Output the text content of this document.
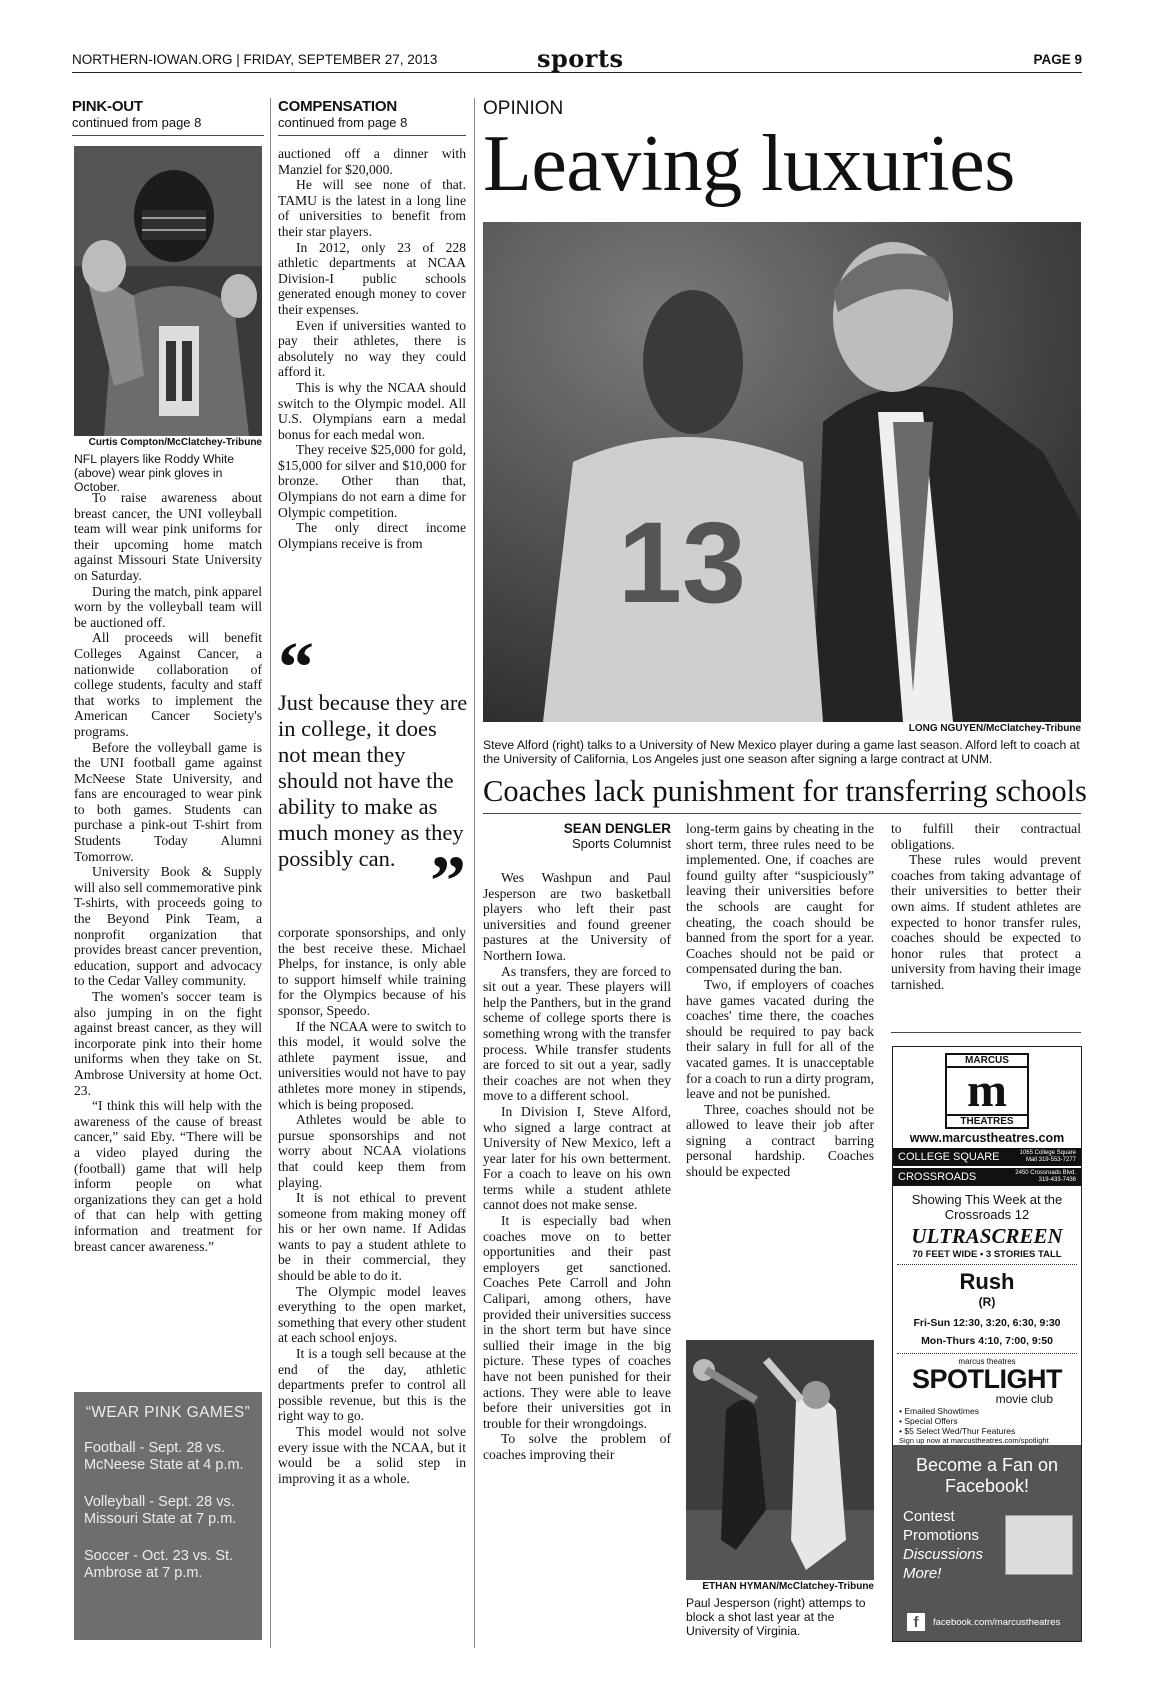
NORTHERN-IOWAN.ORG | FRIDAY, SEPTEMBER 27, 2013	sports	PAGE 9
PINK-OUT
continued from page 8
Curtis Compton/McClatchey-Tribune
NFL players like Roddy White (above) wear pink gloves in October.

To raise awareness about breast cancer, the UNI volleyball team will wear pink uniforms for their upcoming home match against Missouri State University on Saturday.

During the match, pink apparel worn by the volleyball team will be auctioned off.

All proceeds will benefit Colleges Against Cancer, a nationwide collaboration of college students, faculty and staff that works to implement the American Cancer Society's programs.

Before the volleyball game is the UNI football game against McNeese State University, and fans are encouraged to wear pink to both games. Students can purchase a pink-out T-shirt from Students Today Alumni Tomorrow.

University Book & Supply will also sell commemorative pink T-shirts, with proceeds going to the Beyond Pink Team, a nonprofit organization that provides breast cancer prevention, education, support and advocacy to the Cedar Valley community.

The women's soccer team is also jumping in on the fight against breast cancer, as they will incorporate pink into their home uniforms when they take on St. Ambrose University at home Oct. 23.

“I think this will help with the awareness of the cause of breast cancer,” said Eby. “There will be a video played during the (football) game that will help inform people on what organizations they can get a hold of that can help with getting information and treatment for breast cancer awareness.”

“WEAR PINK GAMES”
Football - Sept. 28 vs. McNeese State at 4 p.m.
Volleyball - Sept. 28 vs. Missouri State at 7 p.m.
Soccer - Oct. 23 vs. St. Ambrose at 7 p.m.
COMPENSATION
continued from page 8

auctioned off a dinner with Manziel for $20,000.

He will see none of that. TAMU is the latest in a long line of universities to benefit from their star players.

In 2012, only 23 of 228 athletic departments at NCAA Division-I public schools generated enough money to cover their expenses.

Even if universities wanted to pay their athletes, there is absolutely no way they could afford it.

This is why the NCAA should switch to the Olympic model. All U.S. Olympians earn a medal bonus for each medal won.

They receive $25,000 for gold, $15,000 for silver and $10,000 for bronze. Other than that, Olympians do not earn a dime for Olympic competition.

The only direct income Olympians receive is from

“
Just because they are in college, it does not mean they should not have the ability to make as much money as they possibly can. ”

corporate sponsorships, and only the best receive these. Michael Phelps, for instance, is only able to support himself while training for the Olympics because of his sponsor, Speedo.

If the NCAA were to switch to this model, it would solve the athlete payment issue, and universities would not have to pay athletes more money in stipends, which is being proposed.

Athletes would be able to pursue sponsorships and not worry about NCAA violations that could keep them from playing.

It is not ethical to prevent someone from making money off his or her own name. If Adidas wants to pay a student athlete to be in their commercial, they should be able to do it.

The Olympic model leaves everything to the open market, something that every other student at each school enjoys.

It is a tough sell because at the end of the day, athletic departments prefer to control all possible revenue, but this is the right way to go.

This model would not solve every issue with the NCAA, but it would be a solid step in improving it as a whole.

OPINION
Leaving luxuries
13
LONG NGUYEN/McClatchey-Tribune
Steve Alford (right) talks to a University of New Mexico player during a game last season. Alford left to coach at the University of California, Los Angeles just one season after signing a large contract at UNM.
Coaches lack punishment for transferring schools
SEAN DENGLER
Sports Columnist

Wes Washpun and Paul Jesperson are two basketball players who left their past universities and found greener pastures at the University of Northern Iowa.

As transfers, they are forced to sit out a year. These players will help the Panthers, but in the grand scheme of college sports there is something wrong with the transfer process. While transfer students are forced to sit out a year, sadly their coaches are not when they move to a different school.

In Division I, Steve Alford, who signed a large contract at University of New Mexico, left a year later for his own betterment. For a coach to leave on his own terms while a student athlete cannot does not make sense.

It is especially bad when coaches move on to better opportunities and their past employers get sanctioned. Coaches Pete Carroll and John Calipari, among others, have provided their universities success in the short term but have since sullied their image in the big picture. These types of coaches have not been punished for their actions. They were able to leave before their universities got in trouble for their wrongdoings.

To solve the problem of coaches improving their

long-term gains by cheating in the short term, three rules need to be implemented. One, if coaches are found guilty after “suspiciously” leaving their universities before the schools are caught for cheating, the coach should be banned from the sport for a year. Coaches should not be paid or compensated during the ban.

Two, if employers of coaches have games vacated during the coaches' time there, the coaches should be required to pay back their salary in full for all of the vacated games. It is unacceptable for a coach to run a dirty program, leave and not be punished.

Three, coaches should not be allowed to leave their job after signing a contract barring personal hardship. Coaches should be expected

ETHAN HYMAN/McClatchey-Tribune
Paul Jesperson (right) attemps to block a shot last year at the University of Virginia.

to fulfill their contractual obligations.

These rules would prevent coaches from taking advantage of their universities to better their own aims. If student athletes are expected to honor transfer rules, coaches should be expected to honor rules that protect a university from having their image tarnished.

MARCUS
m
THEATRES
www.marcustheatres.com
COLLEGE SQUARE	1065 College Square Mall 319-553-7277
CROSSROADS	2450 Crossroads Blvd. 319-433-7436
Showing This Week at the Crossroads 12
ULTRASCREEN
70 FEET WIDE • 3 STORIES TALL
Rush
(R)
Fri-Sun 12:30, 3:20, 6:30, 9:30
Mon-Thurs 4:10, 7:00, 9:50
marcus theatres
SPOTLIGHT
movie club
• Emailed Showtimes
• Special Offers
• $5 Select Wed/Thur Features
Sign up now at marcustheatres.com/spotlight
Become a Fan on Facebook!
Contest
Promotions
Discussions
More!
f	facebook.com/marcustheatres
